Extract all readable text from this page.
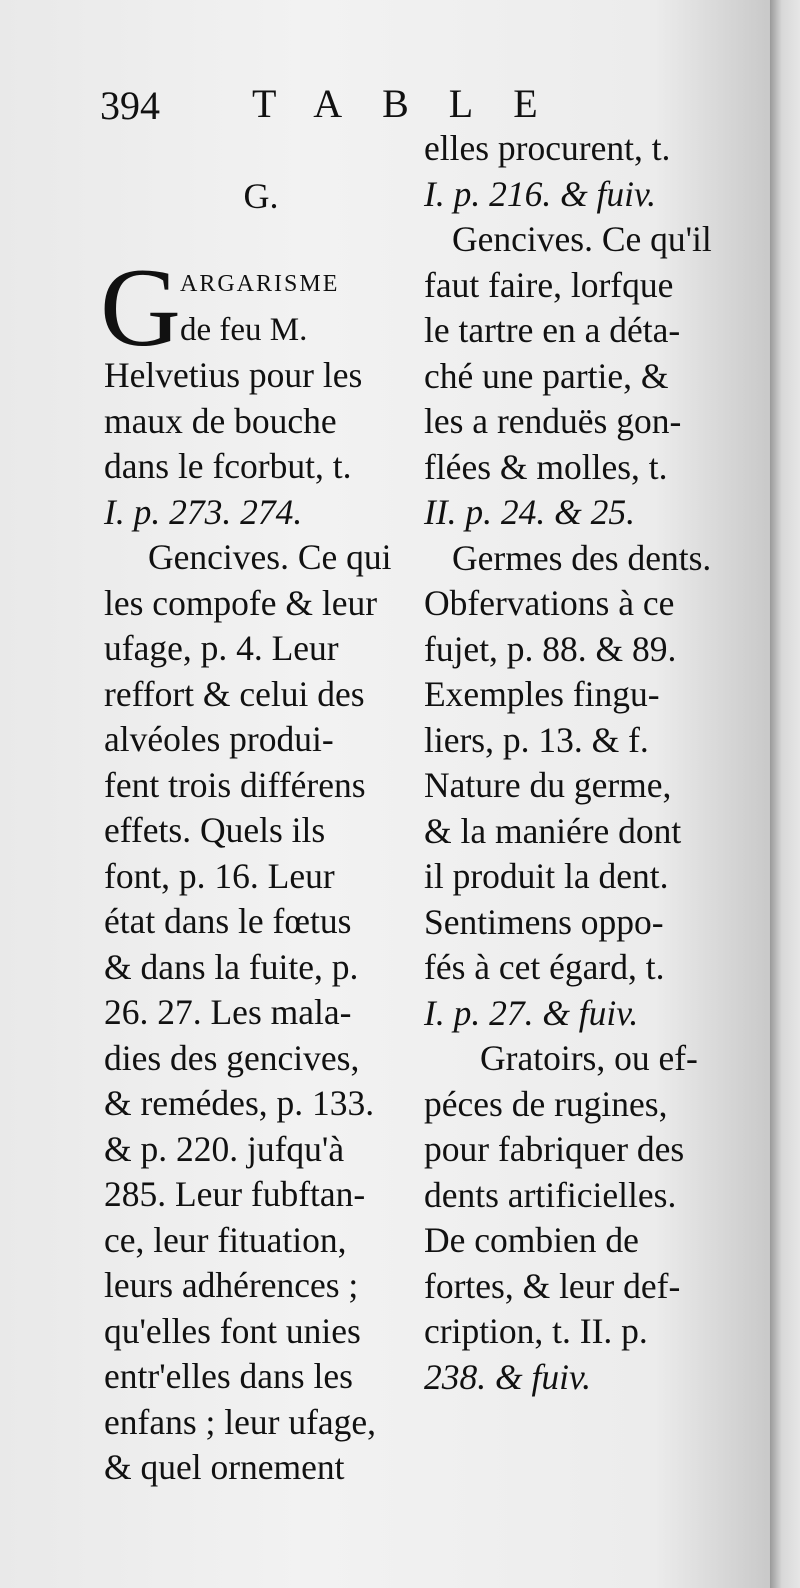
394 TABLE
G.
G ARGARISME
de feu M.
Helvetius pour les
maux de bouche
dans le fcorbut, t.
I. p. 273. 274.
Gencives. Ce qui
les compofe & leur
ufage, p. 4. Leur
reffort & celui des
alvéoles produi-
fent trois différens
effets. Quels ils
font, p. 16. Leur
état dans le fœtus
& dans la fuite, p.
26. 27. Les mala-
dies des gencives,
& remédes, p. 133.
& p. 220. jufqu'à
285. Leur fubftan-
ce, leur fituation,
leurs adhérences ;
qu'elles font unies
entr'elles dans les
enfans ; leur ufage,
& quel ornement
elles procurent, t.
I. p. 216. & fuiv.
Gencives. Ce qu'il
faut faire, lorfque
le tartre en a déta-
ché une partie, &
les a renduës gon-
flées & molles, t.
II. p. 24. & 25.
Germes des dents.
Obfervations à ce
fujet, p. 88. & 89.
Exemples fingu-
liers, p. 13. & f.
Nature du germe,
& la maniére dont
il produit la dent.
Sentimens oppo-
fés à cet égard, t.
I. p. 27. & fuiv.
Gratoirs, ou ef-
péces de rugines,
pour fabriquer des
dents artificielles.
De combien de
fortes, & leur def-
cription, t. II. p.
238. & fuiv.
